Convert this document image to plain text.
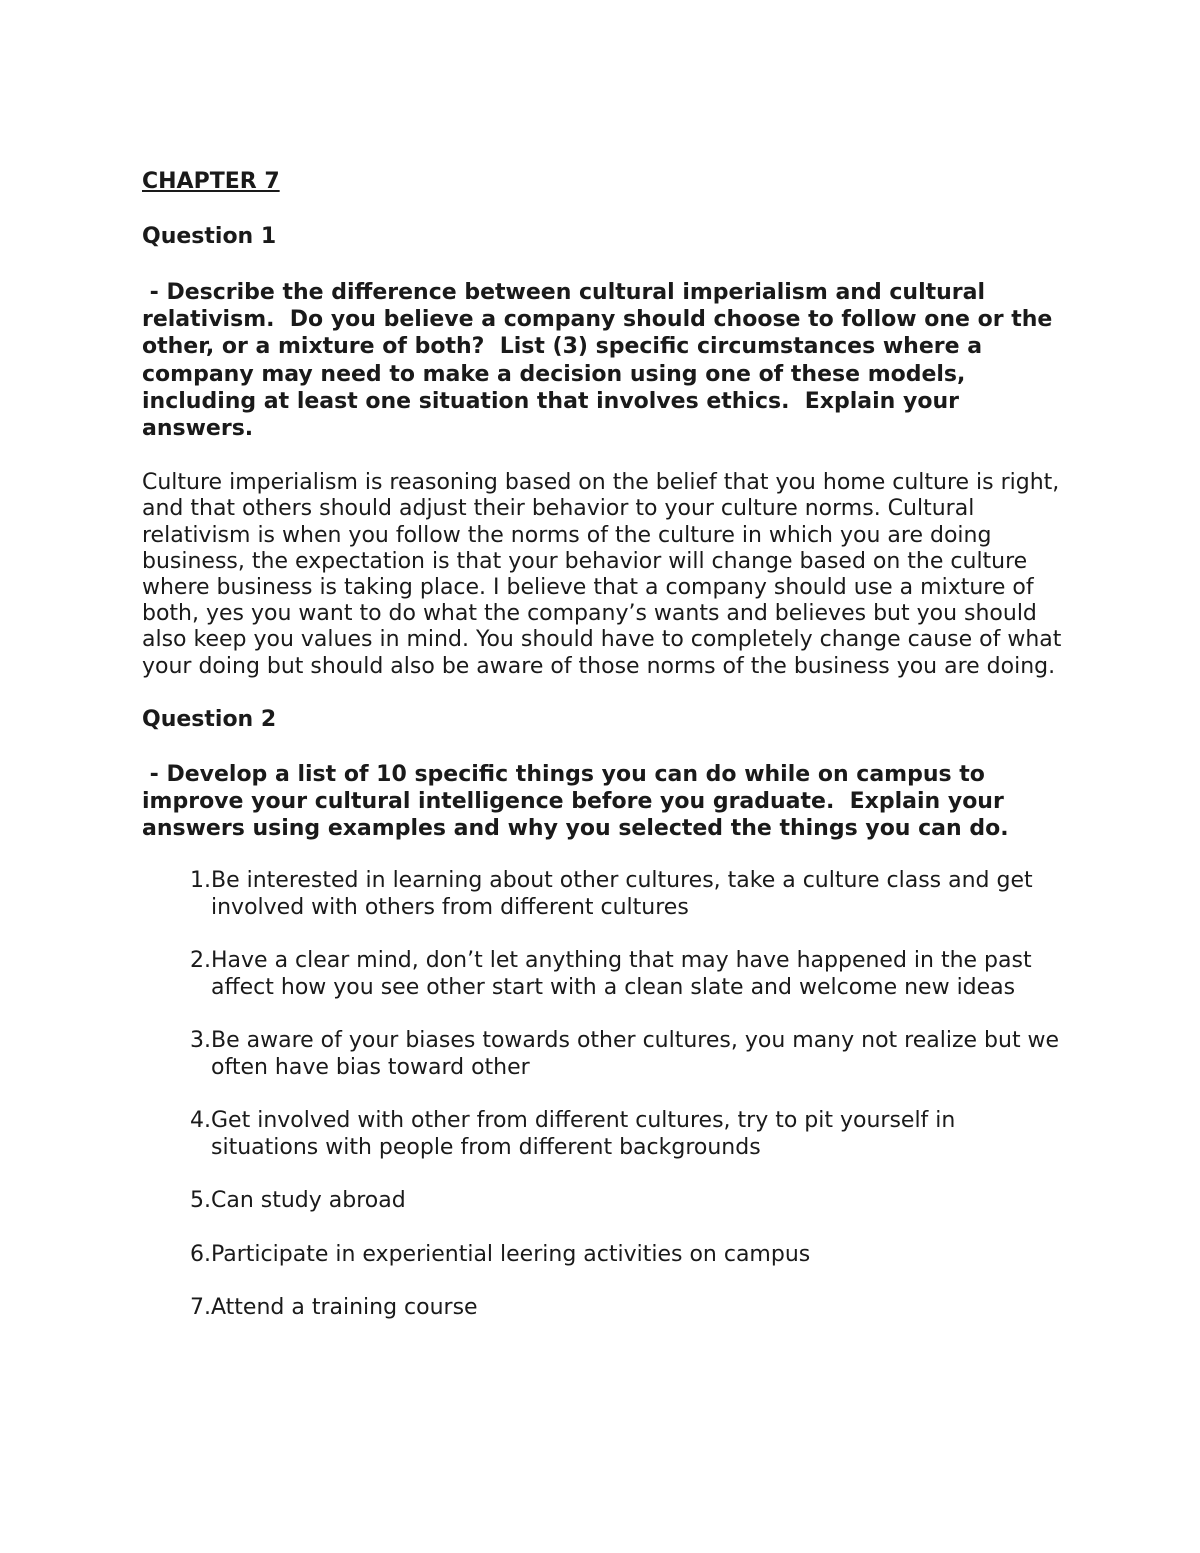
CHAPTER 7

Question 1

- Describe the difference between cultural imperialism and cultural relativism.  Do you believe a company should choose to follow one or the other, or a mixture of both?  List (3) specific circumstances where a company may need to make a decision using one of these models, including at least one situation that involves ethics.  Explain your answers.

Culture imperialism is reasoning based on the belief that you home culture is right, and that others should adjust their behavior to your culture norms. Cultural relativism is when you follow the norms of the culture in which you are doing business, the expectation is that your behavior will change based on the culture where business is taking place. I believe that a company should use a mixture of both, yes you want to do what the company’s wants and believes but you should also keep you values in mind. You should have to completely change cause of what your doing but should also be aware of those norms of the business you are doing.

Question 2

- Develop a list of 10 specific things you can do while on campus to improve your cultural intelligence before you graduate.  Explain your answers using examples and why you selected the things you can do.

1. Be interested in learning about other cultures, take a culture class and get involved with others from different cultures
2. Have a clear mind, don’t let anything that may have happened in the past affect how you see other start with a clean slate and welcome new ideas
3. Be aware of your biases towards other cultures, you many not realize but we often have bias toward other
4. Get involved with other from different cultures, try to pit yourself in situations with people from different backgrounds
5. Can study abroad
6. Participate in experiential leering activities on campus
7. Attend a training course
